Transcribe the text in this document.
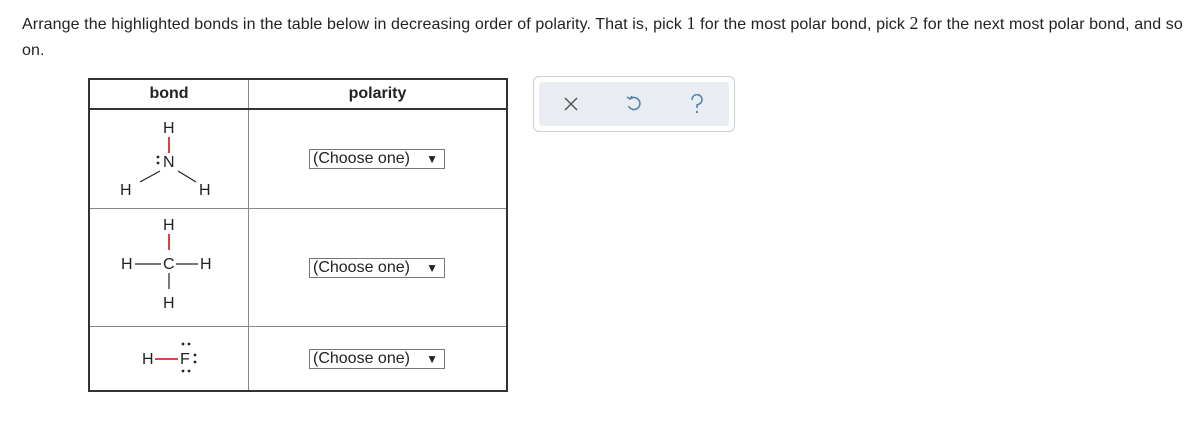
Arrange the highlighted bonds in the table below in decreasing order of polarity. That is, pick 1 for the most polar bond, pick 2 for the next most polar bond, and so on.
bond	polarity

H
N
H H	(Choose one) ▼

H
H C H
H	(Choose one) ▼

H F	(Choose one) ▼
